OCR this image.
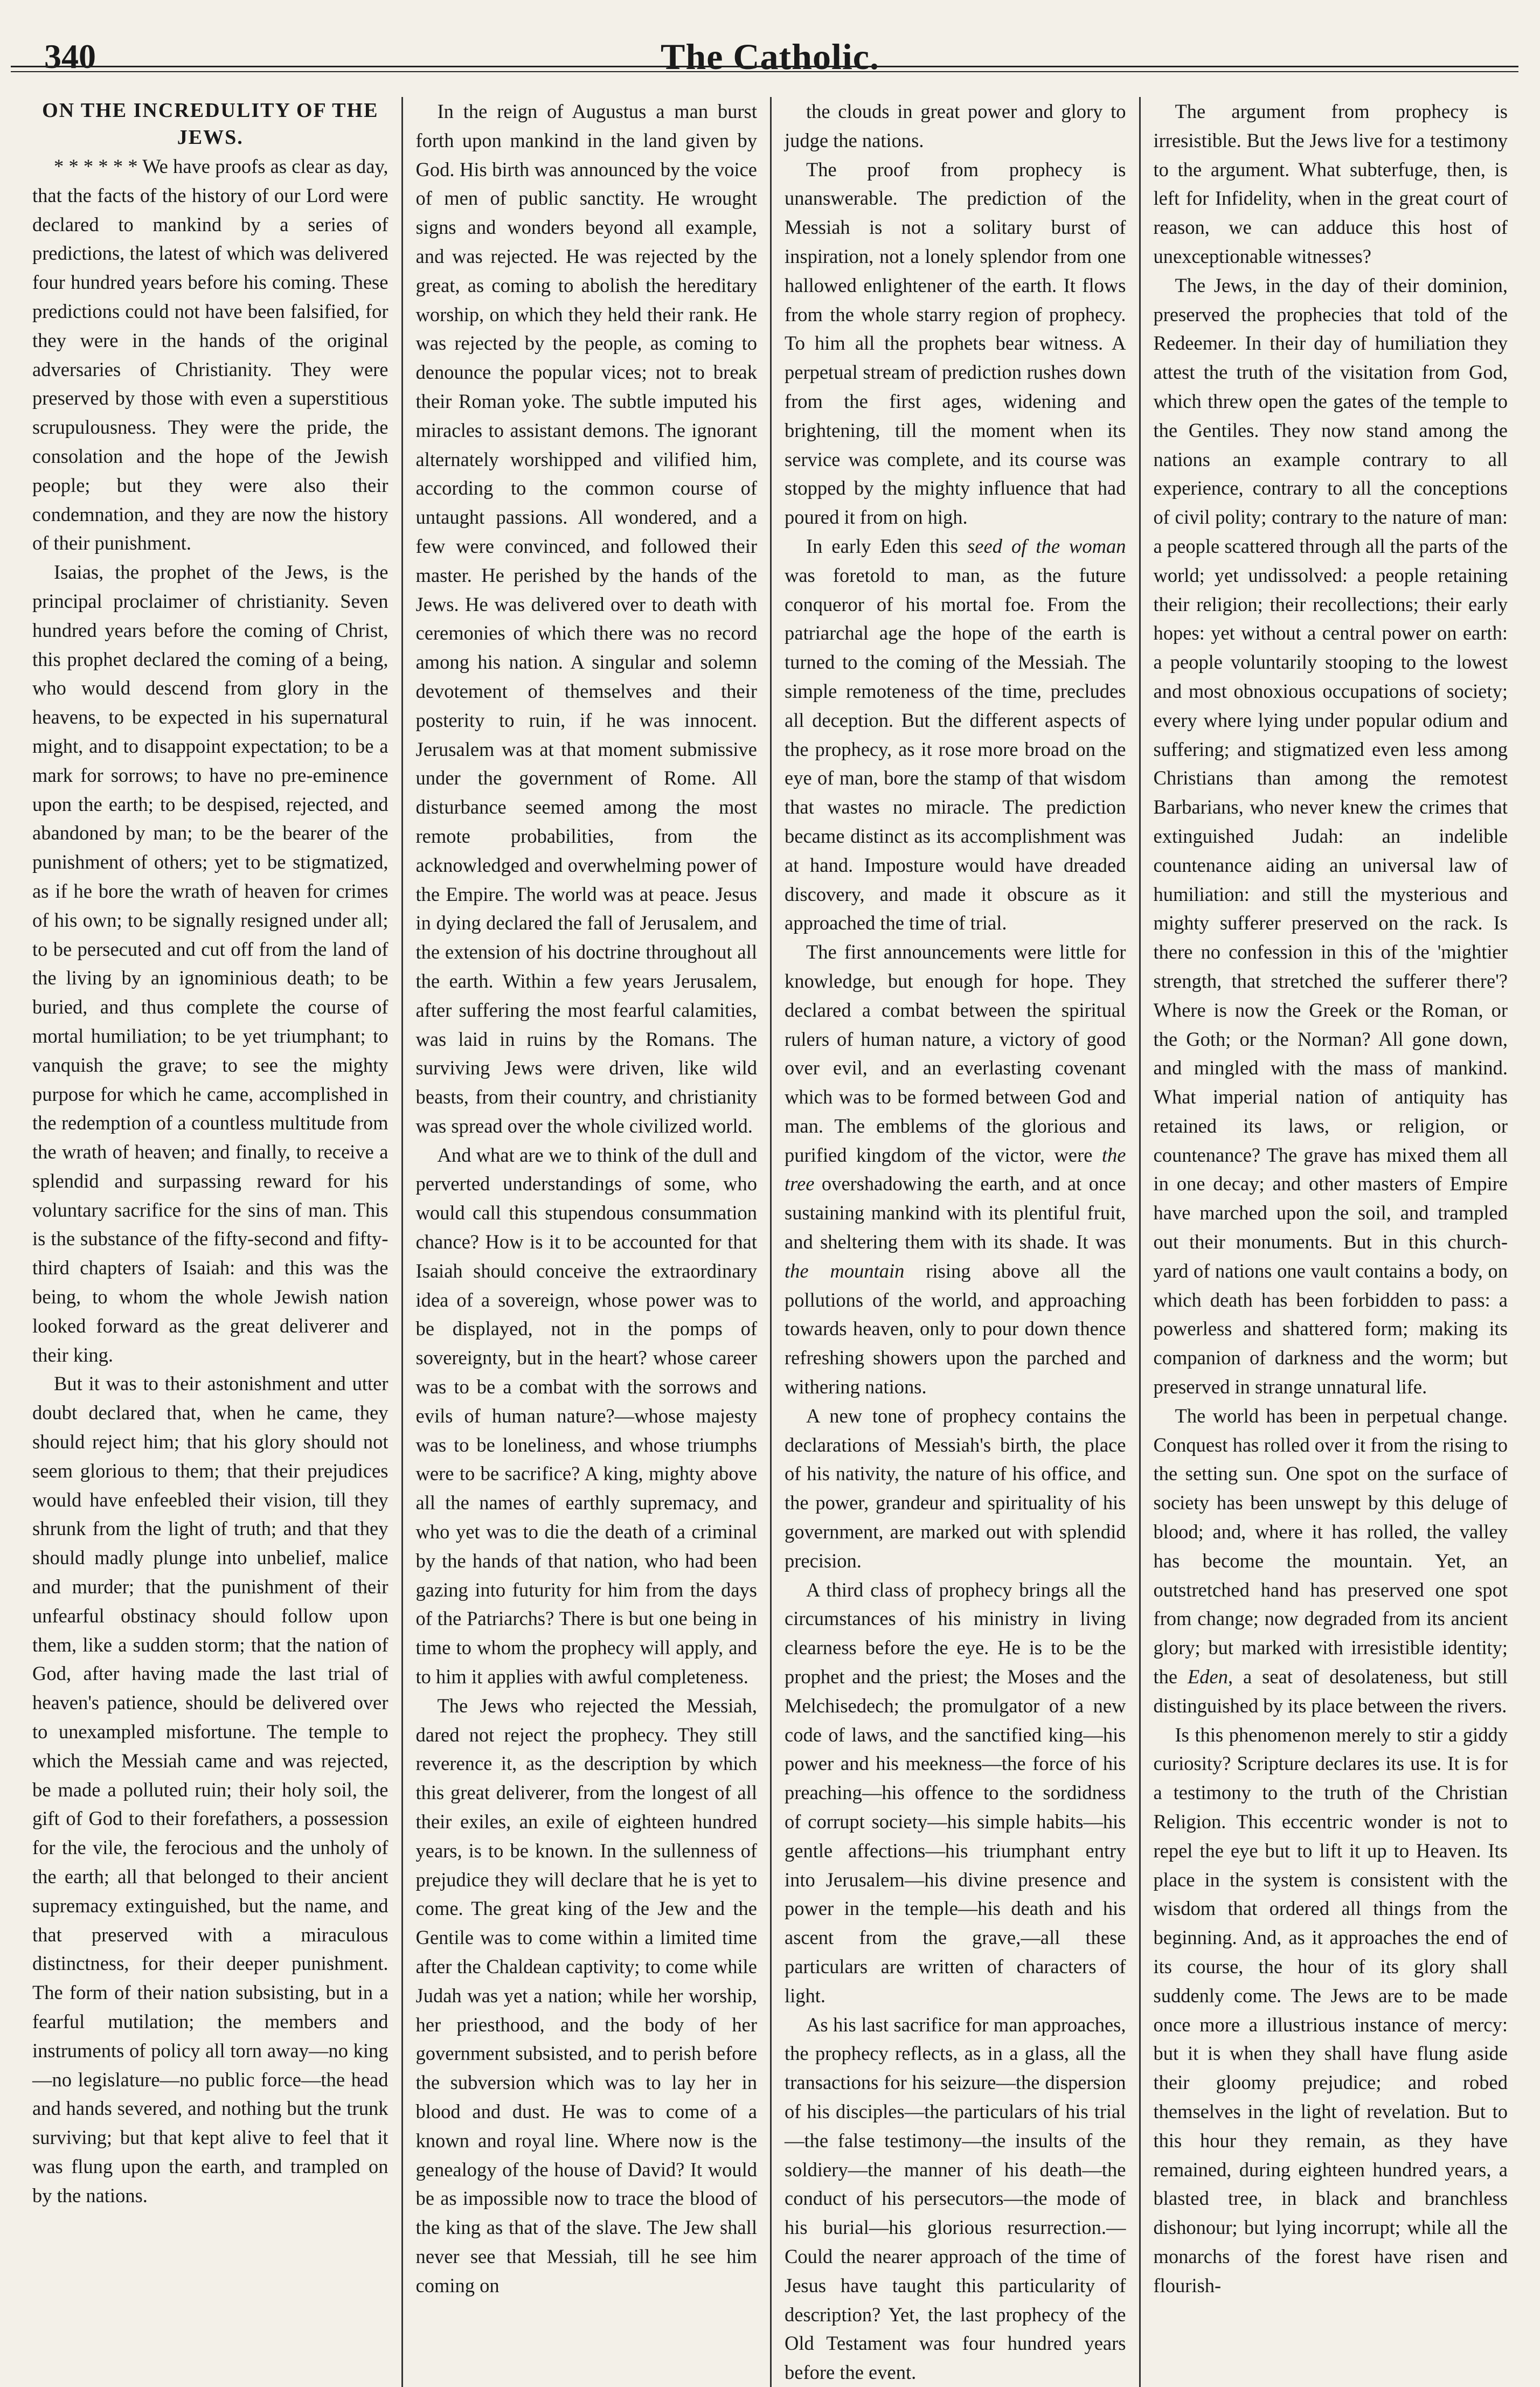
340	The Catholic.
ON THE INCREDULITY OF THE JEWS.

* * * * * * We have proofs as clear as day, that the facts of the history of our Lord were declared to mankind by a series of predictions, the latest of which was delivered four hundred years before his coming. These predictions could not have been falsified, for they were in the hands of the original adversaries of Christianity. They were preserved by those with even a superstitious scrupulousness. They were the pride, the consolation and the hope of the Jewish people; but they were also their condemnation, and they are now the history of their punishment.

Isaias, the prophet of the Jews, is the principal proclaimer of christianity. Seven hundred years before the coming of Christ, this prophet declared the coming of a being, who would descend from glory in the heavens, to be expected in his supernatural might, and to disappoint expectation; to be a mark for sorrows; to have no pre-eminence upon the earth; to be despised, rejected, and abandoned by man; to be the bearer of the punishment of others; yet to be stigmatized, as if he bore the wrath of heaven for crimes of his own; to be signally resigned under all; to be persecuted and cut off from the land of the living by an ignominious death; to be buried, and thus complete the course of mortal humiliation; to be yet triumphant; to vanquish the grave; to see the mighty purpose for which he came, accomplished in the redemption of a countless multitude from the wrath of heaven; and finally, to receive a splendid and surpassing reward for his voluntary sacrifice for the sins of man. This is the substance of the fifty-second and fifty-third chapters of Isaiah: and this was the being, to whom the whole Jewish nation looked forward as the great deliverer and their king.

But it was to their astonishment and utter doubt declared that, when he came, they should reject him; that his glory should not seem glorious to them; that their prejudices would have enfeebled their vision, till they shrunk from the light of truth; and that they should madly plunge into unbelief, malice and murder; that the punishment of their unfearful obstinacy should follow upon them, like a sudden storm; that the nation of God, after having made the last trial of heaven's patience, should be delivered over to unexampled misfortune. The temple to which the Messiah came and was rejected, be made a polluted ruin; their holy soil, the gift of God to their forefathers, a possession for the vile, the ferocious and the unholy of the earth; all that belonged to their ancient supremacy extinguished, but the name, and that preserved with a miraculous distinctness, for their deeper punishment. The form of their nation subsisting, but in a fearful mutilation; the members and instruments of policy all torn away—no king—no legislature—no public force—the head and hands severed, and nothing but the trunk surviving; but that kept alive to feel that it was flung upon the earth, and trampled on by the nations.

In the reign of Augustus a man burst forth upon mankind in the land given by God. His birth was announced by the voice of men of public sanctity. He wrought signs and wonders beyond all example, and was rejected. He was rejected by the great, as coming to abolish the hereditary worship, on which they held their rank. He was rejected by the people, as coming to denounce the popular vices; not to break their Roman yoke. The subtle imputed his miracles to assistant demons. The ignorant alternately worshipped and vilified him, according to the common course of untaught passions. All wondered, and a few were convinced, and followed their master. He perished by the hands of the Jews. He was delivered over to death with ceremonies of which there was no record among his nation. A singular and solemn devotement of themselves and their posterity to ruin, if he was innocent. Jerusalem was at that moment submissive under the government of Rome. All disturbance seemed among the most remote probabilities, from the acknowledged and overwhelming power of the Empire. The world was at peace. Jesus in dying declared the fall of Jerusalem, and the extension of his doctrine throughout all the earth. Within a few years Jerusalem, after suffering the most fearful calamities, was laid in ruins by the Romans. The surviving Jews were driven, like wild beasts, from their country, and christianity was spread over the whole civilized world.

And what are we to think of the dull and perverted understandings of some, who would call this stupendous consummation chance? How is it to be accounted for that Isaiah should conceive the extraordinary idea of a sovereign, whose power was to be displayed, not in the pomps of sovereignty, but in the heart? whose career was to be a combat with the sorrows and evils of human nature?—whose majesty was to be loneliness, and whose triumphs were to be sacrifice? A king, mighty above all the names of earthly supremacy, and who yet was to die the death of a criminal by the hands of that nation, who had been gazing into futurity for him from the days of the Patriarchs? There is but one being in time to whom the prophecy will apply, and to him it applies with awful completeness.

The Jews who rejected the Messiah, dared not reject the prophecy. They still reverence it, as the description by which this great deliverer, from the longest of all their exiles, an exile of eighteen hundred years, is to be known. In the sullenness of prejudice they will declare that he is yet to come. The great king of the Jew and the Gentile was to come within a limited time after the Chaldean captivity; to come while Judah was yet a nation; while her worship, her priesthood, and the body of her government subsisted, and to perish before the subversion which was to lay her in blood and dust. He was to come of a known and royal line. Where now is the genealogy of the house of David? It would be as impossible now to trace the blood of the king as that of the slave. The Jew shall never see that Messiah, till he see him coming on

the clouds in great power and glory to judge the nations.

The proof from prophecy is unanswerable. The prediction of the Messiah is not a solitary burst of inspiration, not a lonely splendor from one hallowed enlightener of the earth. It flows from the whole starry region of prophecy. To him all the prophets bear witness. A perpetual stream of prediction rushes down from the first ages, widening and brightening, till the moment when its service was complete, and its course was stopped by the mighty influence that had poured it from on high.

In early Eden this seed of the woman was foretold to man, as the future conqueror of his mortal foe. From the patriarchal age the hope of the earth is turned to the coming of the Messiah. The simple remoteness of the time, precludes all deception. But the different aspects of the prophecy, as it rose more broad on the eye of man, bore the stamp of that wisdom that wastes no miracle. The prediction became distinct as its accomplishment was at hand. Imposture would have dreaded discovery, and made it obscure as it approached the time of trial.

The first announcements were little for knowledge, but enough for hope. They declared a combat between the spiritual rulers of human nature, a victory of good over evil, and an everlasting covenant which was to be formed between God and man. The emblems of the glorious and purified kingdom of the victor, were the tree overshadowing the earth, and at once sustaining mankind with its plentiful fruit, and sheltering them with its shade. It was the mountain rising above all the pollutions of the world, and approaching towards heaven, only to pour down thence refreshing showers upon the parched and withering nations.

A new tone of prophecy contains the declarations of Messiah's birth, the place of his nativity, the nature of his office, and the power, grandeur and spirituality of his government, are marked out with splendid precision.

A third class of prophecy brings all the circumstances of his ministry in living clearness before the eye. He is to be the prophet and the priest; the Moses and the Melchisedech; the promulgator of a new code of laws, and the sanctified king—his power and his meekness—the force of his preaching—his offence to the sordidness of corrupt society—his simple habits—his gentle affections—his triumphant entry into Jerusalem—his divine presence and power in the temple—his death and his ascent from the grave,—all these particulars are written of characters of light.

As his last sacrifice for man approaches, the prophecy reflects, as in a glass, all the transactions for his seizure—the dispersion of his disciples—the particulars of his trial—the false testimony—the insults of the soldiery—the manner of his death—the conduct of his persecutors—the mode of his burial—his glorious resurrection.—Could the nearer approach of the time of Jesus have taught this particularity of description? Yet, the last prophecy of the Old Testament was four hundred years before the event.

The argument from prophecy is irresistible. But the Jews live for a testimony to the argument. What subterfuge, then, is left for Infidelity, when in the great court of reason, we can adduce this host of unexceptionable witnesses?

The Jews, in the day of their dominion, preserved the prophecies that told of the Redeemer. In their day of humiliation they attest the truth of the visitation from God, which threw open the gates of the temple to the Gentiles. They now stand among the nations an example contrary to all experience, contrary to all the conceptions of civil polity; contrary to the nature of man: a people scattered through all the parts of the world; yet undissolved: a people retaining their religion; their recollections; their early hopes: yet without a central power on earth: a people voluntarily stooping to the lowest and most obnoxious occupations of society; every where lying under popular odium and suffering; and stigmatized even less among Christians than among the remotest Barbarians, who never knew the crimes that extinguished Judah: an indelible countenance aiding an universal law of humiliation: and still the mysterious and mighty sufferer preserved on the rack. Is there no confession in this of the 'mightier strength, that stretched the sufferer there'? Where is now the Greek or the Roman, or the Goth; or the Norman? All gone down, and mingled with the mass of mankind. What imperial nation of antiquity has retained its laws, or religion, or countenance? The grave has mixed them all in one decay; and other masters of Empire have marched upon the soil, and trampled out their monuments. But in this church-yard of nations one vault contains a body, on which death has been forbidden to pass: a powerless and shattered form; making its companion of darkness and the worm; but preserved in strange unnatural life.

The world has been in perpetual change. Conquest has rolled over it from the rising to the setting sun. One spot on the surface of society has been unswept by this deluge of blood; and, where it has rolled, the valley has become the mountain. Yet, an outstretched hand has preserved one spot from change; now degraded from its ancient glory; but marked with irresistible identity; the Eden, a seat of desolateness, but still distinguished by its place between the rivers.

Is this phenomenon merely to stir a giddy curiosity? Scripture declares its use. It is for a testimony to the truth of the Christian Religion. This eccentric wonder is not to repel the eye but to lift it up to Heaven. Its place in the system is consistent with the wisdom that ordered all things from the beginning. And, as it approaches the end of its course, the hour of its glory shall suddenly come. The Jews are to be made once more a illustrious instance of mercy: but it is when they shall have flung aside their gloomy prejudice; and robed themselves in the light of revelation. But to this hour they remain, as they have remained, during eighteen hundred years, a blasted tree, in black and branchless dishonour; but lying incorrupt; while all the monarchs of the forest have risen and flourish-
